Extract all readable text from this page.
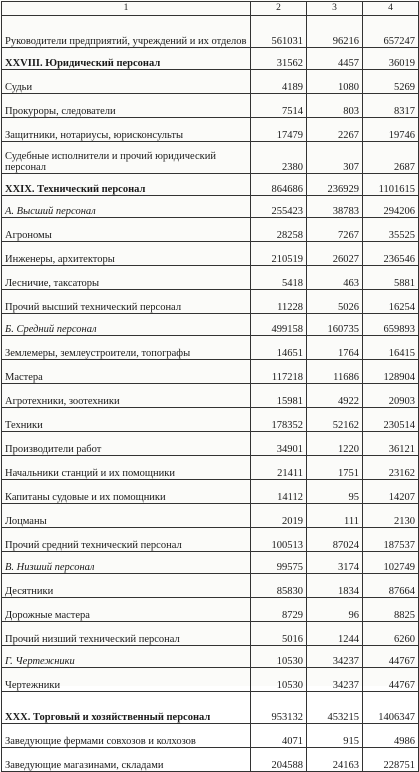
1	2	3	4
Руководители предприятий, учреждений и их отделов	561031	96216	657247
XXVIII. Юридический персонал	31562	4457	36019
Судьи	4189	1080	5269
Прокуроры, следователи	7514	803	8317
Защитники, нотариусы, юрисконсульты	17479	2267	19746
Судебные исполнители и прочий юридический персонал	2380	307	2687
XXIX. Технический персонал	864686	236929	1101615
А. Высший персонал	255423	38783	294206
Агрономы	28258	7267	35525
Инженеры, архитекторы	210519	26027	236546
Лесничие, таксаторы	5418	463	5881
Прочий высший технический персонал	11228	5026	16254
Б. Средний персонал	499158	160735	659893
Землемеры, землеустроители, топографы	14651	1764	16415
Мастера	117218	11686	128904
Агротехники, зоотехники	15981	4922	20903
Техники	178352	52162	230514
Производители работ	34901	1220	36121
Начальники станций и их помощники	21411	1751	23162
Капитаны судовые и их помощники	14112	95	14207
Лоцманы	2019	111	2130
Прочий средний технический персонал	100513	87024	187537
В. Низший персонал	99575	3174	102749
Десятники	85830	1834	87664
Дорожные мастера	8729	96	8825
Прочий низший технический персонал	5016	1244	6260
Г. Чертежники	10530	34237	44767
Чертежники	10530	34237	44767
XXX. Торговый и хозяйственный персонал	953132	453215	1406347
Заведующие фермами совхозов и колхозов	4071	915	4986
Заведующие магазинами, складами	204588	24163	228751
